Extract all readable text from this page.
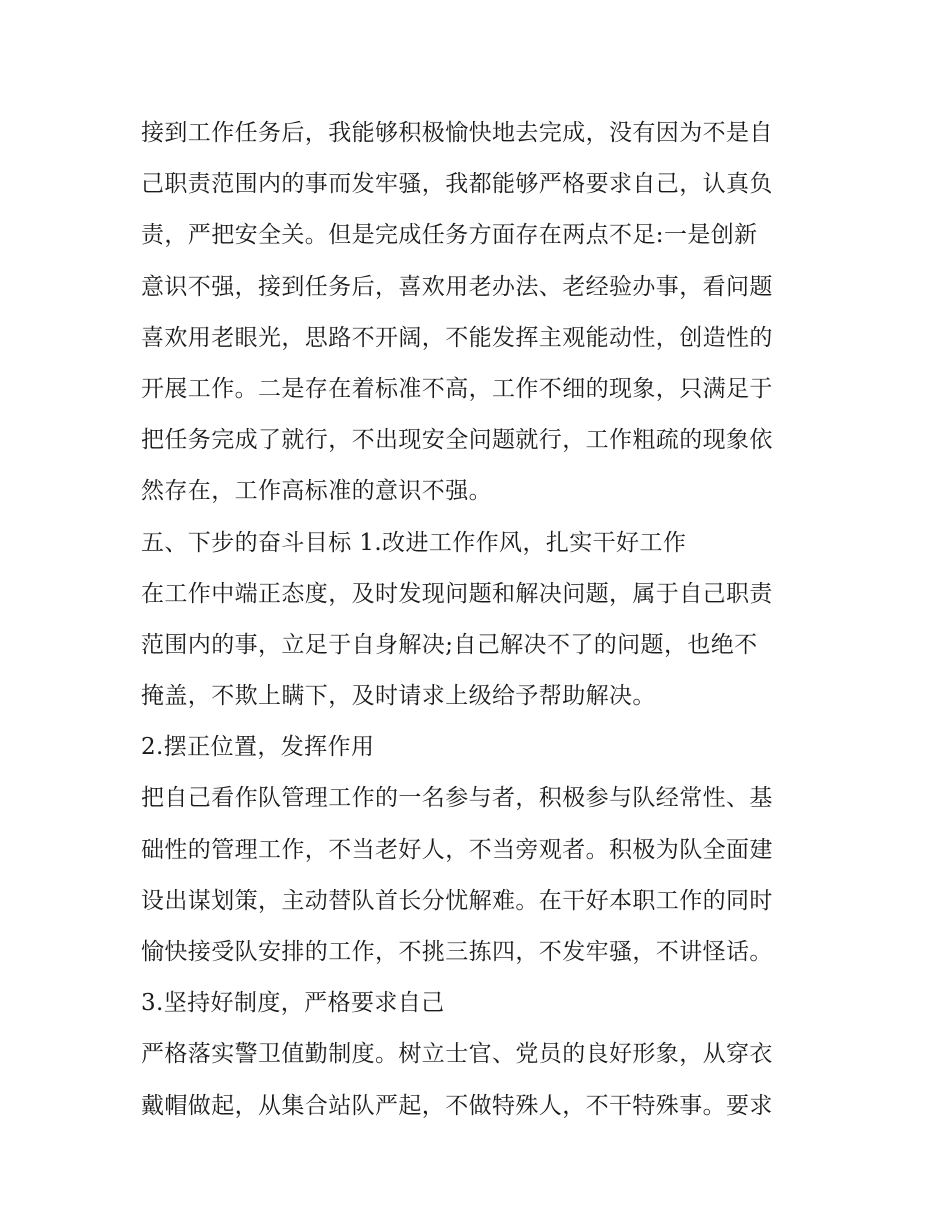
接到工作任务后，我能够积极愉快地去完成，没有因为不是自
己职责范围内的事而发牢骚，我都能够严格要求自己，认真负
责，严把安全关。但是完成任务方面存在两点不足:一是创新
意识不强，接到任务后，喜欢用老办法、老经验办事，看问题
喜欢用老眼光，思路不开阔，不能发挥主观能动性，创造性的
开展工作。二是存在着标准不高，工作不细的现象，只满足于
把任务完成了就行，不出现安全问题就行，工作粗疏的现象依
然存在，工作高标准的意识不强。
五、下步的奋斗目标 1.改进工作作风，扎实干好工作
在工作中端正态度，及时发现问题和解决问题，属于自己职责
范围内的事，立足于自身解决;自己解决不了的问题，也绝不
掩盖，不欺上瞒下，及时请求上级给予帮助解决。
2.摆正位置，发挥作用
把自己看作队管理工作的一名参与者，积极参与队经常性、基
础性的管理工作，不当老好人，不当旁观者。积极为队全面建
设出谋划策，主动替队首长分忧解难。在干好本职工作的同时
愉快接受队安排的工作，不挑三拣四，不发牢骚，不讲怪话。
3.坚持好制度，严格要求自己
严格落实警卫值勤制度。树立士官、党员的良好形象，从穿衣
戴帽做起，从集合站队严起，不做特殊人，不干特殊事。要求
